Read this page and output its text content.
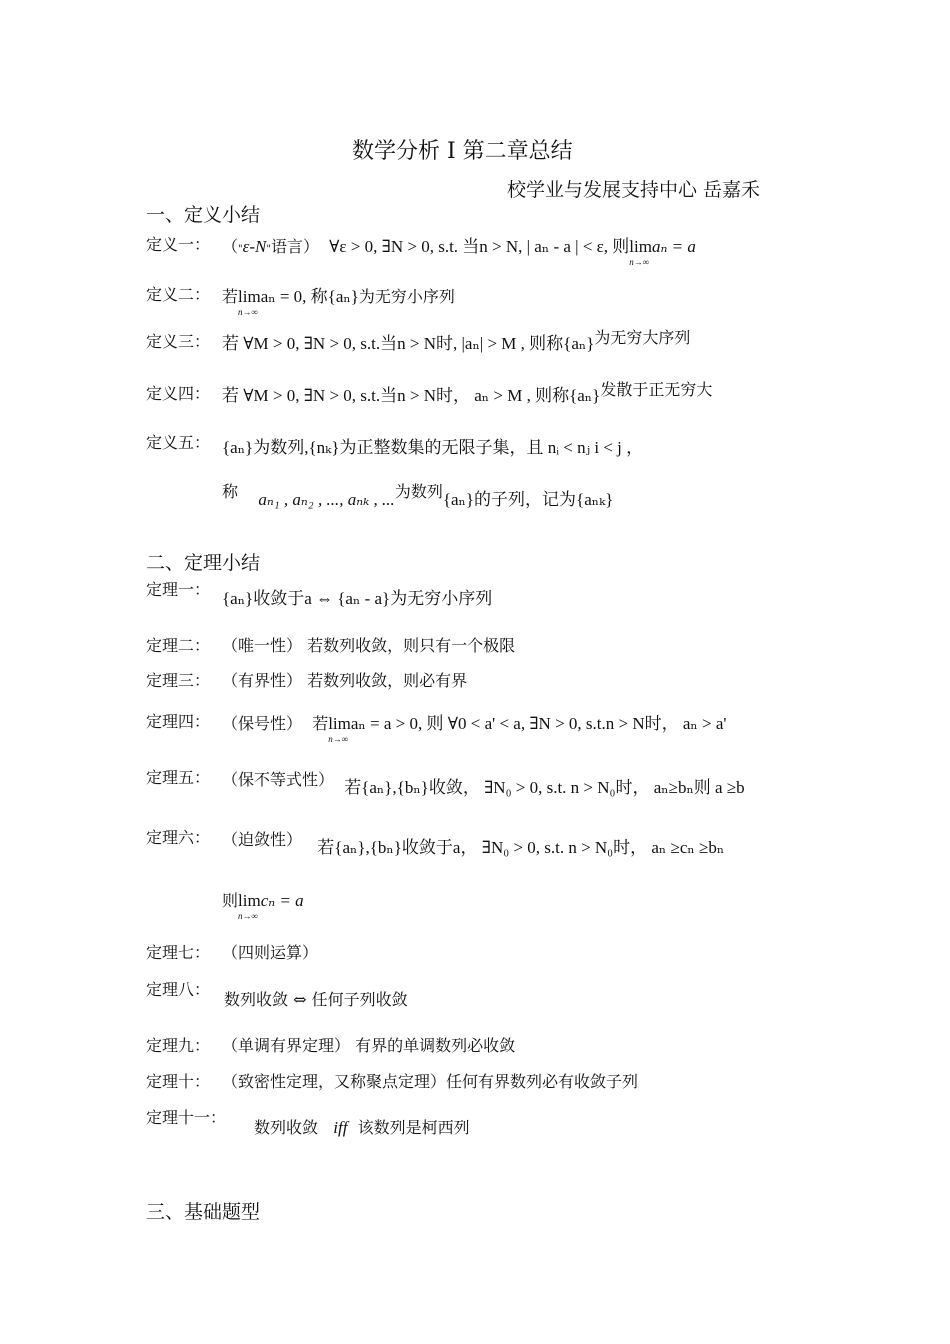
数学分析 I 第二章总结
校学业与发展支持中心 岳嘉禾
一、定义小结
定义一： （"ε-N"语言） ∀ε > 0, ∃N > 0, s.t. 当n > N, | aₙ - a | < ε, 则lim
n→∞
aₙ = a
定义二： 若lim
n→∞
aₙ = 0, 称{aₙ}为无穷小序列
定义三： 若 ∀M > 0, ∃N > 0, s.t.当n > N时, |aₙ| > M , 则称{aₙ}为无穷大序列
定义四： 若 ∀M > 0, ∃N > 0, s.t.当n > N时， aₙ > M , 则称{aₙ}发散于正无穷大
定义五： {aₙ}为数列,{nₖ}为正整数集的无限子集，且 nᵢ < nⱼ i < j ，
称 aₙ₁ , aₙ₂ , ..., aₙₖ , ...为数列{aₙ}的子列，记为{aₙₖ}
二、定理小结
定理一： {aₙ}收敛于a ⇔ {aₙ - a}为无穷小序列
定理二： （唯一性） 若数列收敛，则只有一个极限
定理三： （有界性） 若数列收敛，则必有界
定理四： （保号性） 若lim
n→∞
aₙ = a > 0, 则 ∀0 < a' < a, ∃N > 0, s.t.n > N时， aₙ > a'
定理五： （保不等式性） 若{aₙ},{bₙ}收敛， ∃N₀ > 0, s.t. n > N₀时， aₙ≥bₙ则 a ≥b
定理六： （迫敛性） 若{aₙ},{bₙ}收敛于a， ∃N₀ > 0, s.t. n > N₀时， aₙ ≥cₙ ≥bₙ
则lim
n→∞
cₙ = a
定理七： （四则运算）
定理八：
数列收敛 ⇔ 任何子列收敛
定理九： （单调有界定理） 有界的单调数列必收敛
定理十： （致密性定理，又称聚点定理）任何有界数列必有收敛子列
定理十一：
数列收敛 iff 该数列是柯西列
三、基础题型
